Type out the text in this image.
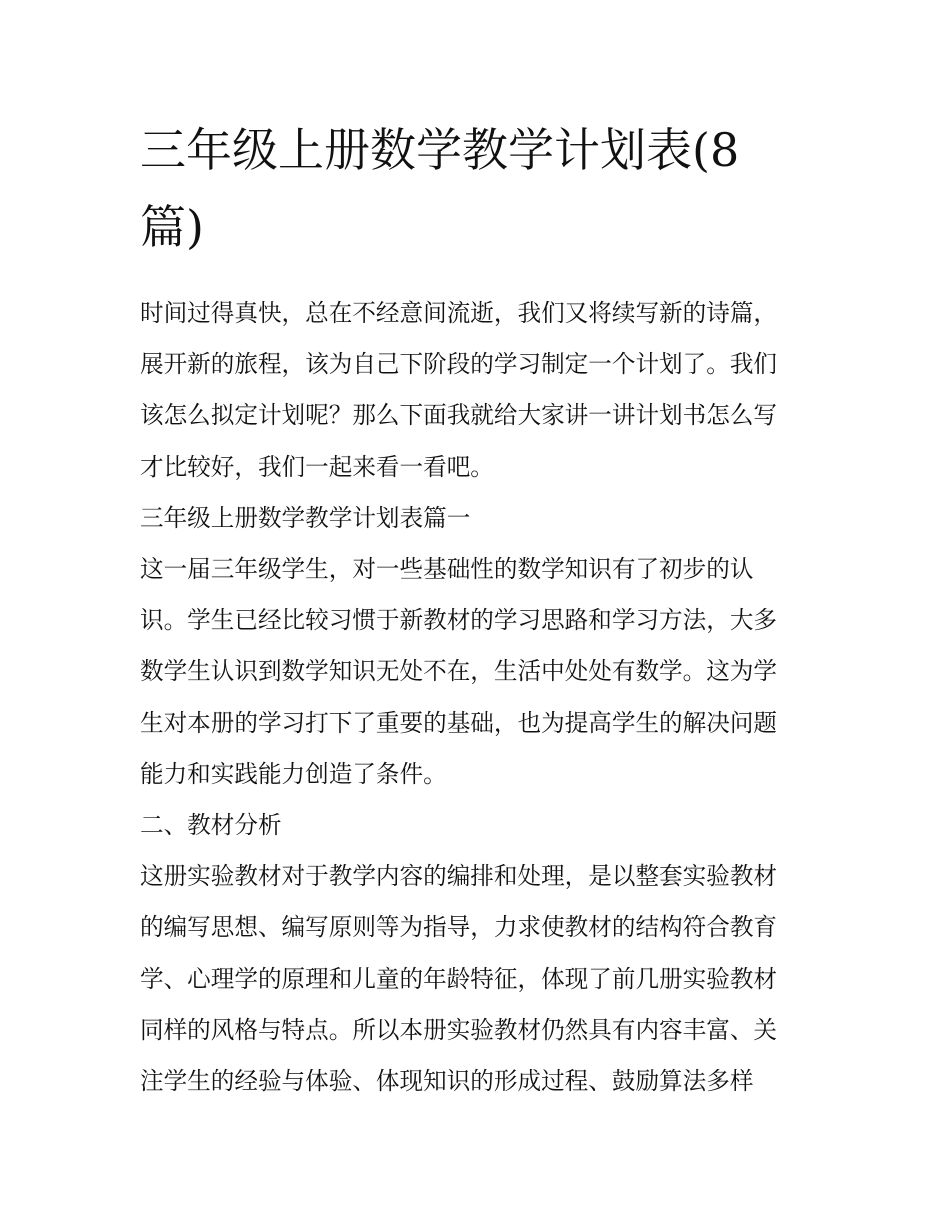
三年级上册数学教学计划表(8
篇)

时间过得真快，总在不经意间流逝，我们又将续写新的诗篇，
展开新的旅程，该为自己下阶段的学习制定一个计划了。我们
该怎么拟定计划呢？那么下面我就给大家讲一讲计划书怎么写
才比较好，我们一起来看一看吧。

三年级上册数学教学计划表篇一

这一届三年级学生，对一些基础性的数学知识有了初步的认
识。学生已经比较习惯于新教材的学习思路和学习方法，大多
数学生认识到数学知识无处不在，生活中处处有数学。这为学
生对本册的学习打下了重要的基础，也为提高学生的解决问题
能力和实践能力创造了条件。

二、教材分析

这册实验教材对于教学内容的编排和处理，是以整套实验教材
的编写思想、编写原则等为指导，力求使教材的结构符合教育
学、心理学的原理和儿童的年龄特征，体现了前几册实验教材
同样的风格与特点。所以本册实验教材仍然具有内容丰富、关
注学生的经验与体验、体现知识的形成过程、鼓励算法多样
